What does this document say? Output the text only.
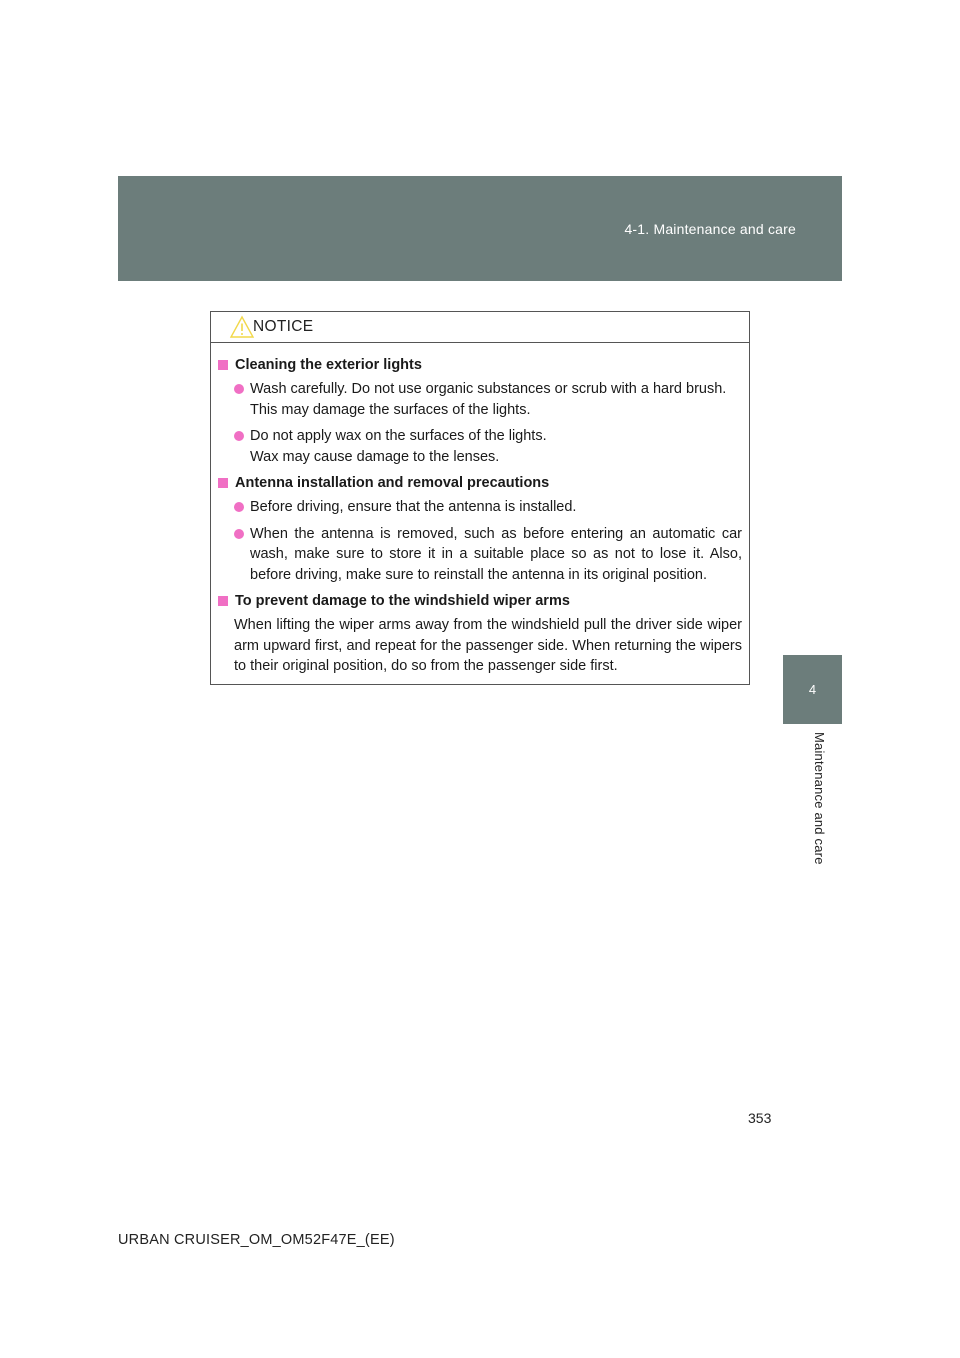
4-1. Maintenance and care
4
Maintenance and care
NOTICE
Cleaning the exterior lights
Wash carefully. Do not use organic substances or scrub with a hard brush.
This may damage the surfaces of the lights.
Do not apply wax on the surfaces of the lights.
Wax may cause damage to the lenses.
Antenna installation and removal precautions
Before driving, ensure that the antenna is installed.
When the antenna is removed, such as before entering an automatic car wash, make sure to store it in a suitable place so as not to lose it. Also, before driving, make sure to reinstall the antenna in its original position.
To prevent damage to the windshield wiper arms

When lifting the wiper arms away from the windshield pull the driver side wiper arm upward first, and repeat for the passenger side. When returning the wipers to their original position, do so from the passenger side first.

353
URBAN CRUISER_OM_OM52F47E_(EE)
